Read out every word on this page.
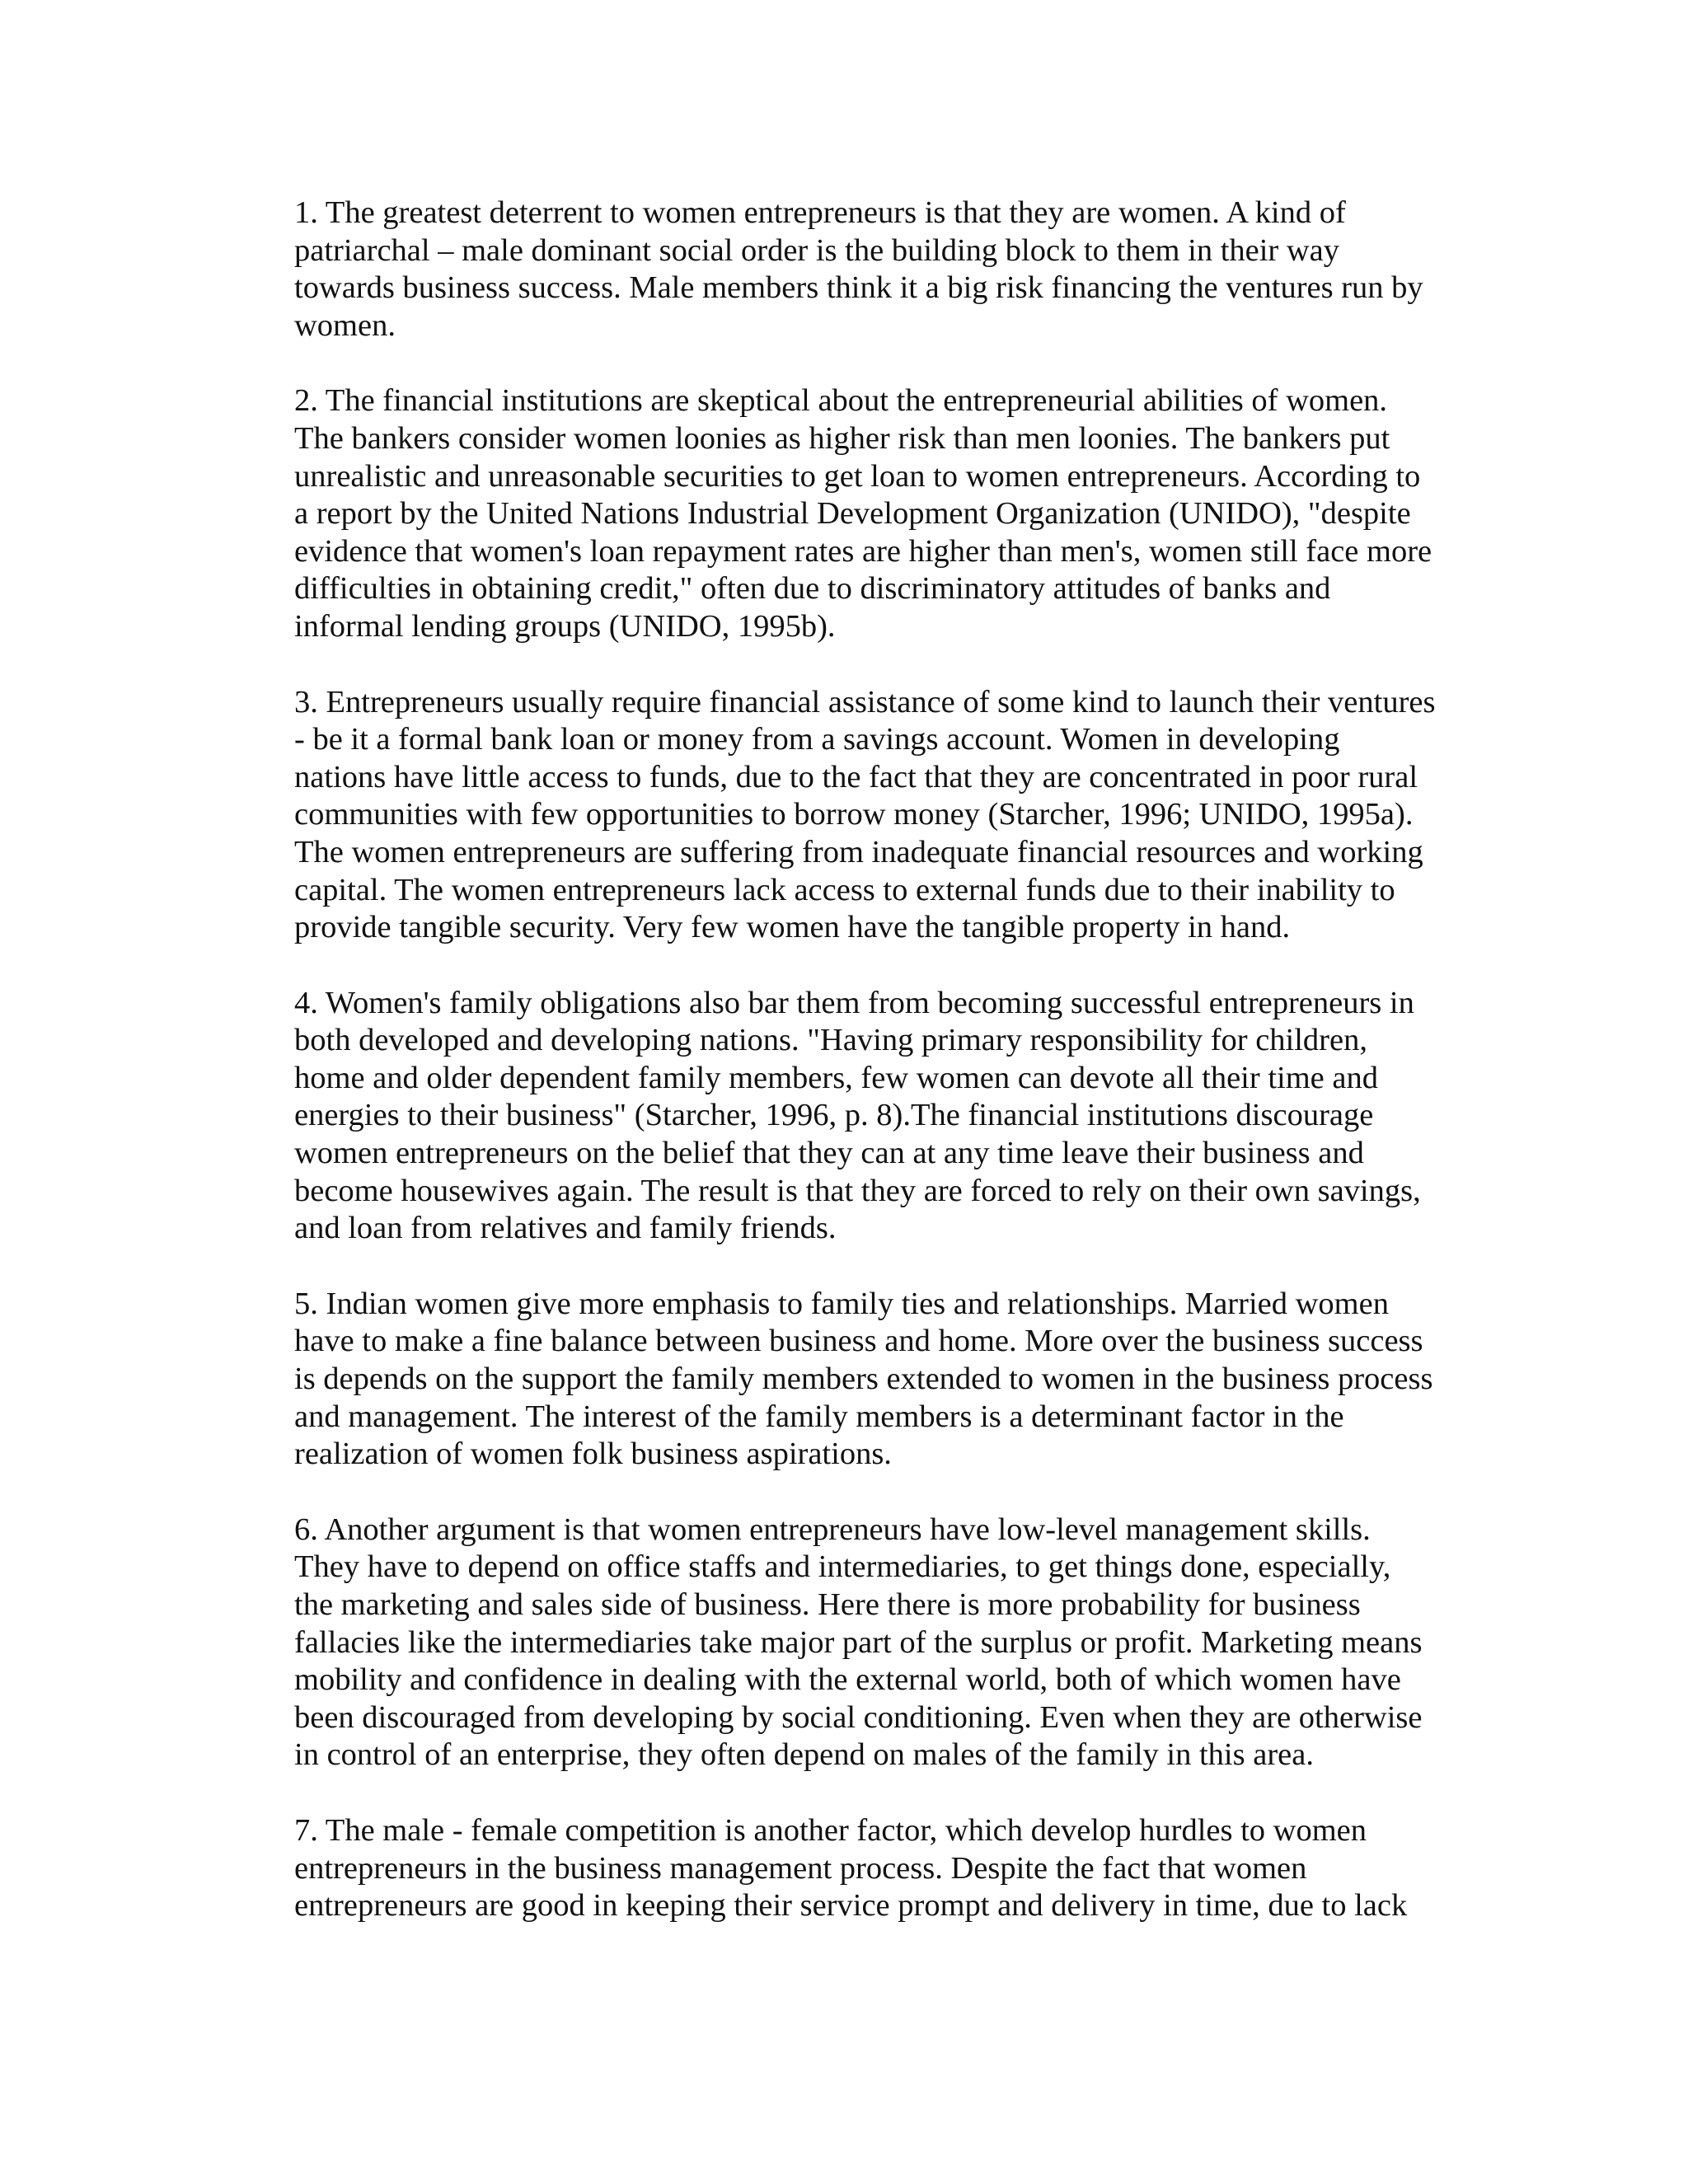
1. The greatest deterrent to women entrepreneurs is that they are women. A kind of
patriarchal – male dominant social order is the building block to them in their way
towards business success. Male members think it a big risk financing the ventures run by
women.

2. The financial institutions are skeptical about the entrepreneurial abilities of women.
The bankers consider women loonies as higher risk than men loonies. The bankers put
unrealistic and unreasonable securities to get loan to women entrepreneurs. According to
a report by the United Nations Industrial Development Organization (UNIDO), "despite
evidence that women's loan repayment rates are higher than men's, women still face more
difficulties in obtaining credit," often due to discriminatory attitudes of banks and
informal lending groups (UNIDO, 1995b).

3. Entrepreneurs usually require financial assistance of some kind to launch their ventures
- be it a formal bank loan or money from a savings account. Women in developing
nations have little access to funds, due to the fact that they are concentrated in poor rural
communities with few opportunities to borrow money (Starcher, 1996; UNIDO, 1995a).
The women entrepreneurs are suffering from inadequate financial resources and working
capital. The women entrepreneurs lack access to external funds due to their inability to
provide tangible security. Very few women have the tangible property in hand.

4. Women's family obligations also bar them from becoming successful entrepreneurs in
both developed and developing nations. "Having primary responsibility for children,
home and older dependent family members, few women can devote all their time and
energies to their business" (Starcher, 1996, p. 8).The financial institutions discourage
women entrepreneurs on the belief that they can at any time leave their business and
become housewives again. The result is that they are forced to rely on their own savings,
and loan from relatives and family friends.

5. Indian women give more emphasis to family ties and relationships. Married women
have to make a fine balance between business and home. More over the business success
is depends on the support the family members extended to women in the business process
and management. The interest of the family members is a determinant factor in the
realization of women folk business aspirations.

6. Another argument is that women entrepreneurs have low-level management skills.
They have to depend on office staffs and intermediaries, to get things done, especially,
the marketing and sales side of business. Here there is more probability for business
fallacies like the intermediaries take major part of the surplus or profit. Marketing means
mobility and confidence in dealing with the external world, both of which women have
been discouraged from developing by social conditioning. Even when they are otherwise
in control of an enterprise, they often depend on males of the family in this area.

7. The male - female competition is another factor, which develop hurdles to women
entrepreneurs in the business management process. Despite the fact that women
entrepreneurs are good in keeping their service prompt and delivery in time, due to lack
